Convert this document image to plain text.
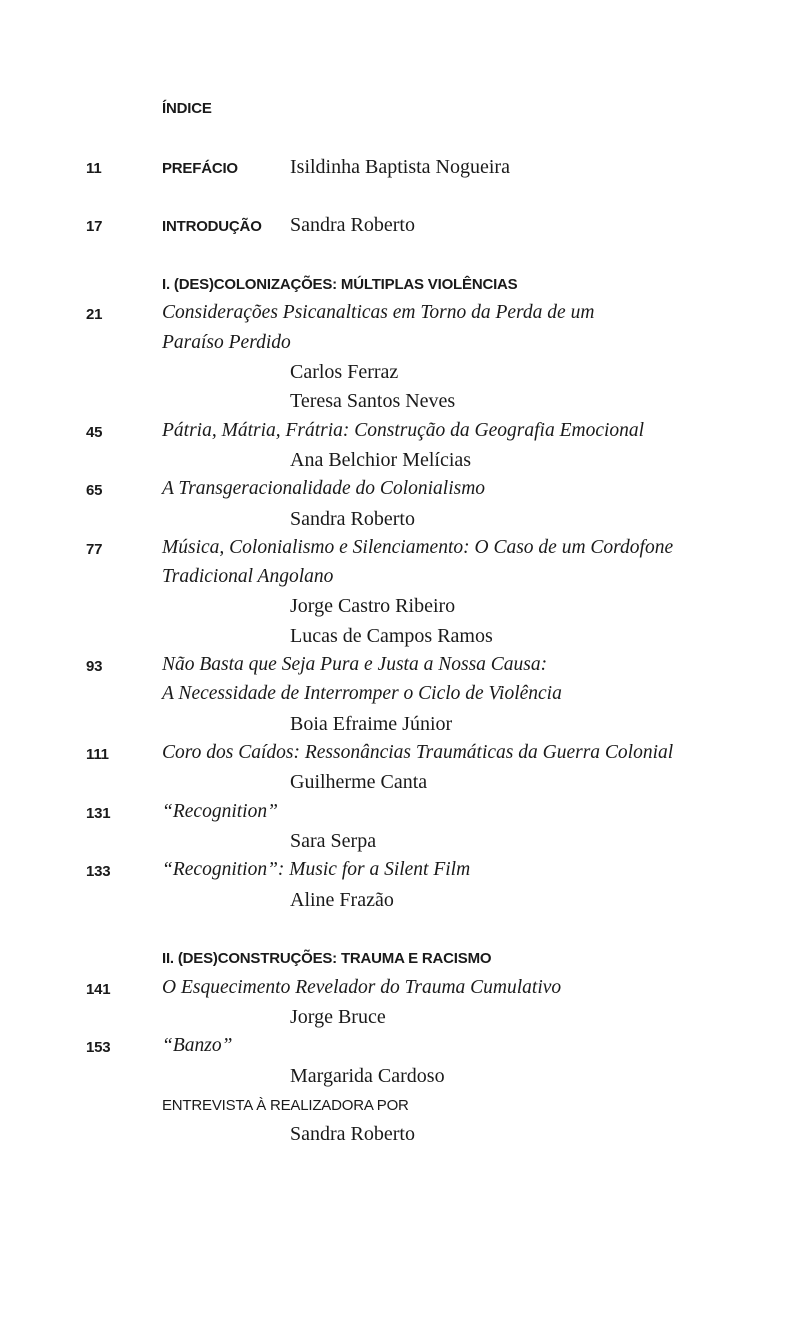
ÍNDICE
11	PREFÁCIO	Isildinha Baptista Nogueira
17	INTRODUÇÃO Sandra Roberto
I. (DES)COLONIZAÇÕES: MÚLTIPLAS VIOLÊNCIAS
21	Considerações Psicanalticas em Torno da Perda de um
Paraíso Perdido
Carlos Ferraz
Teresa Santos Neves
45	Pátria, Mátria, Frátria: Construção da Geografia Emocional
Ana Belchior Melícias
65	A Transgeracionalidade do Colonialismo
Sandra Roberto
77	Música, Colonialismo e Silenciamento: O Caso de um Cordofone
Tradicional Angolano
Jorge Castro Ribeiro
Lucas de Campos Ramos
93	Não Basta que Seja Pura e Justa a Nossa Causa:
A Necessidade de Interromper o Ciclo de Violência
Boia Efraime Júnior
111	Coro dos Caídos: Ressonâncias Traumáticas da Guerra Colonial
Guilherme Canta
131	“Recognition”
Sara Serpa
133	“Recognition”: Music for a Silent Film
Aline Frazão
II. (DES)CONSTRUÇÕES: TRAUMA E RACISMO
141	O Esquecimento Revelador do Trauma Cumulativo
Jorge Bruce
153	“Banzo”
Margarida Cardoso
ENTREVISTA À REALIZADORA POR
Sandra Roberto
